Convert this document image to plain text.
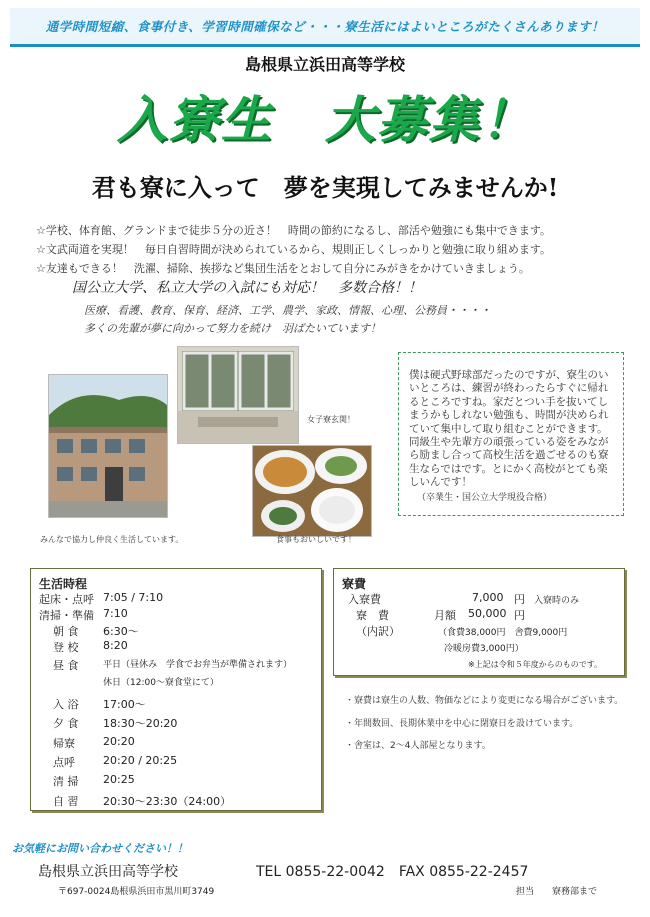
通学時間短縮、食事付き、学習時間確保など・・・寮生活にはよいところがたくさんあります！
島根県立浜田高等学校
入寮生　大募集！
君も寮に入って　夢を実現してみませんか!
☆学校、体育館、グランドまで徒歩５分の近さ！　時間の節約になるし、部活や勉強にも集中できます。
☆文武両道を実現！　毎日自習時間が決められているから、規則正しくしっかりと勉強に取り組めます。
☆友達もできる！　洗濯、掃除、挨拶など集団生活をとおして自分にみがきをかけていきましょう。
国公立大学、私立大学の入試にも対応！　多数合格！！
医療、看護、教育、保育、経済、工学、農学、家政、情報、心理、公務員・・・・
多くの先輩が夢に向かって努力を続け　羽ばたいています！
みんなで協力し仲良く生活しています。
女子寮玄関！
食事もおいしいです！

僕は硬式野球部だったのですが、寮生のいいところは、練習が終わったらすぐに帰れるところですね。家だとつい手を抜いてしまうかもしれない勉強も、時間が決められていて集中して取り組むことができます。同級生や先輩方の頑張っている姿をみながら励まし合って高校生活を過ごせるのも寮生ならではです。とにかく高校がとても楽しいんです！

（卒業生・国公立大学現役合格）

生活時程
起床・点呼 7:05 / 7:10
清掃・準備 7:10
朝 食 6:30～
登 校 8:20
昼 食	平日（昼休み　学食でお弁当が準備されます）
休日（12:00～寮食堂にて）
入 浴 17:00～
夕 食 18:30～20:20
帰寮	20:20
点呼	20:20 / 20:25
清 掃 20:25
自 習 20:30～23:30（24:00）
寮費
入寮費	7,000 円 入寮時のみ
寮　費	月額 50,000 円
（内訳）	（食費38,000円　舎費9,000円
冷暖房費3,000円）
※上記は令和５年度からのものです。
・寮費は寮生の人数、物価などにより変更になる場合がございます。
・年間数回、長期休業中を中心に閉寮日を設けています。
・舎室は、2～4人部屋となります。
お気軽にお問い合わせください！！
島根県立浜田高等学校	TEL 0855-22-0042　FAX 0855-22-2457
〒697-0024島根県浜田市黒川町3749	担当　　寮務部まで
